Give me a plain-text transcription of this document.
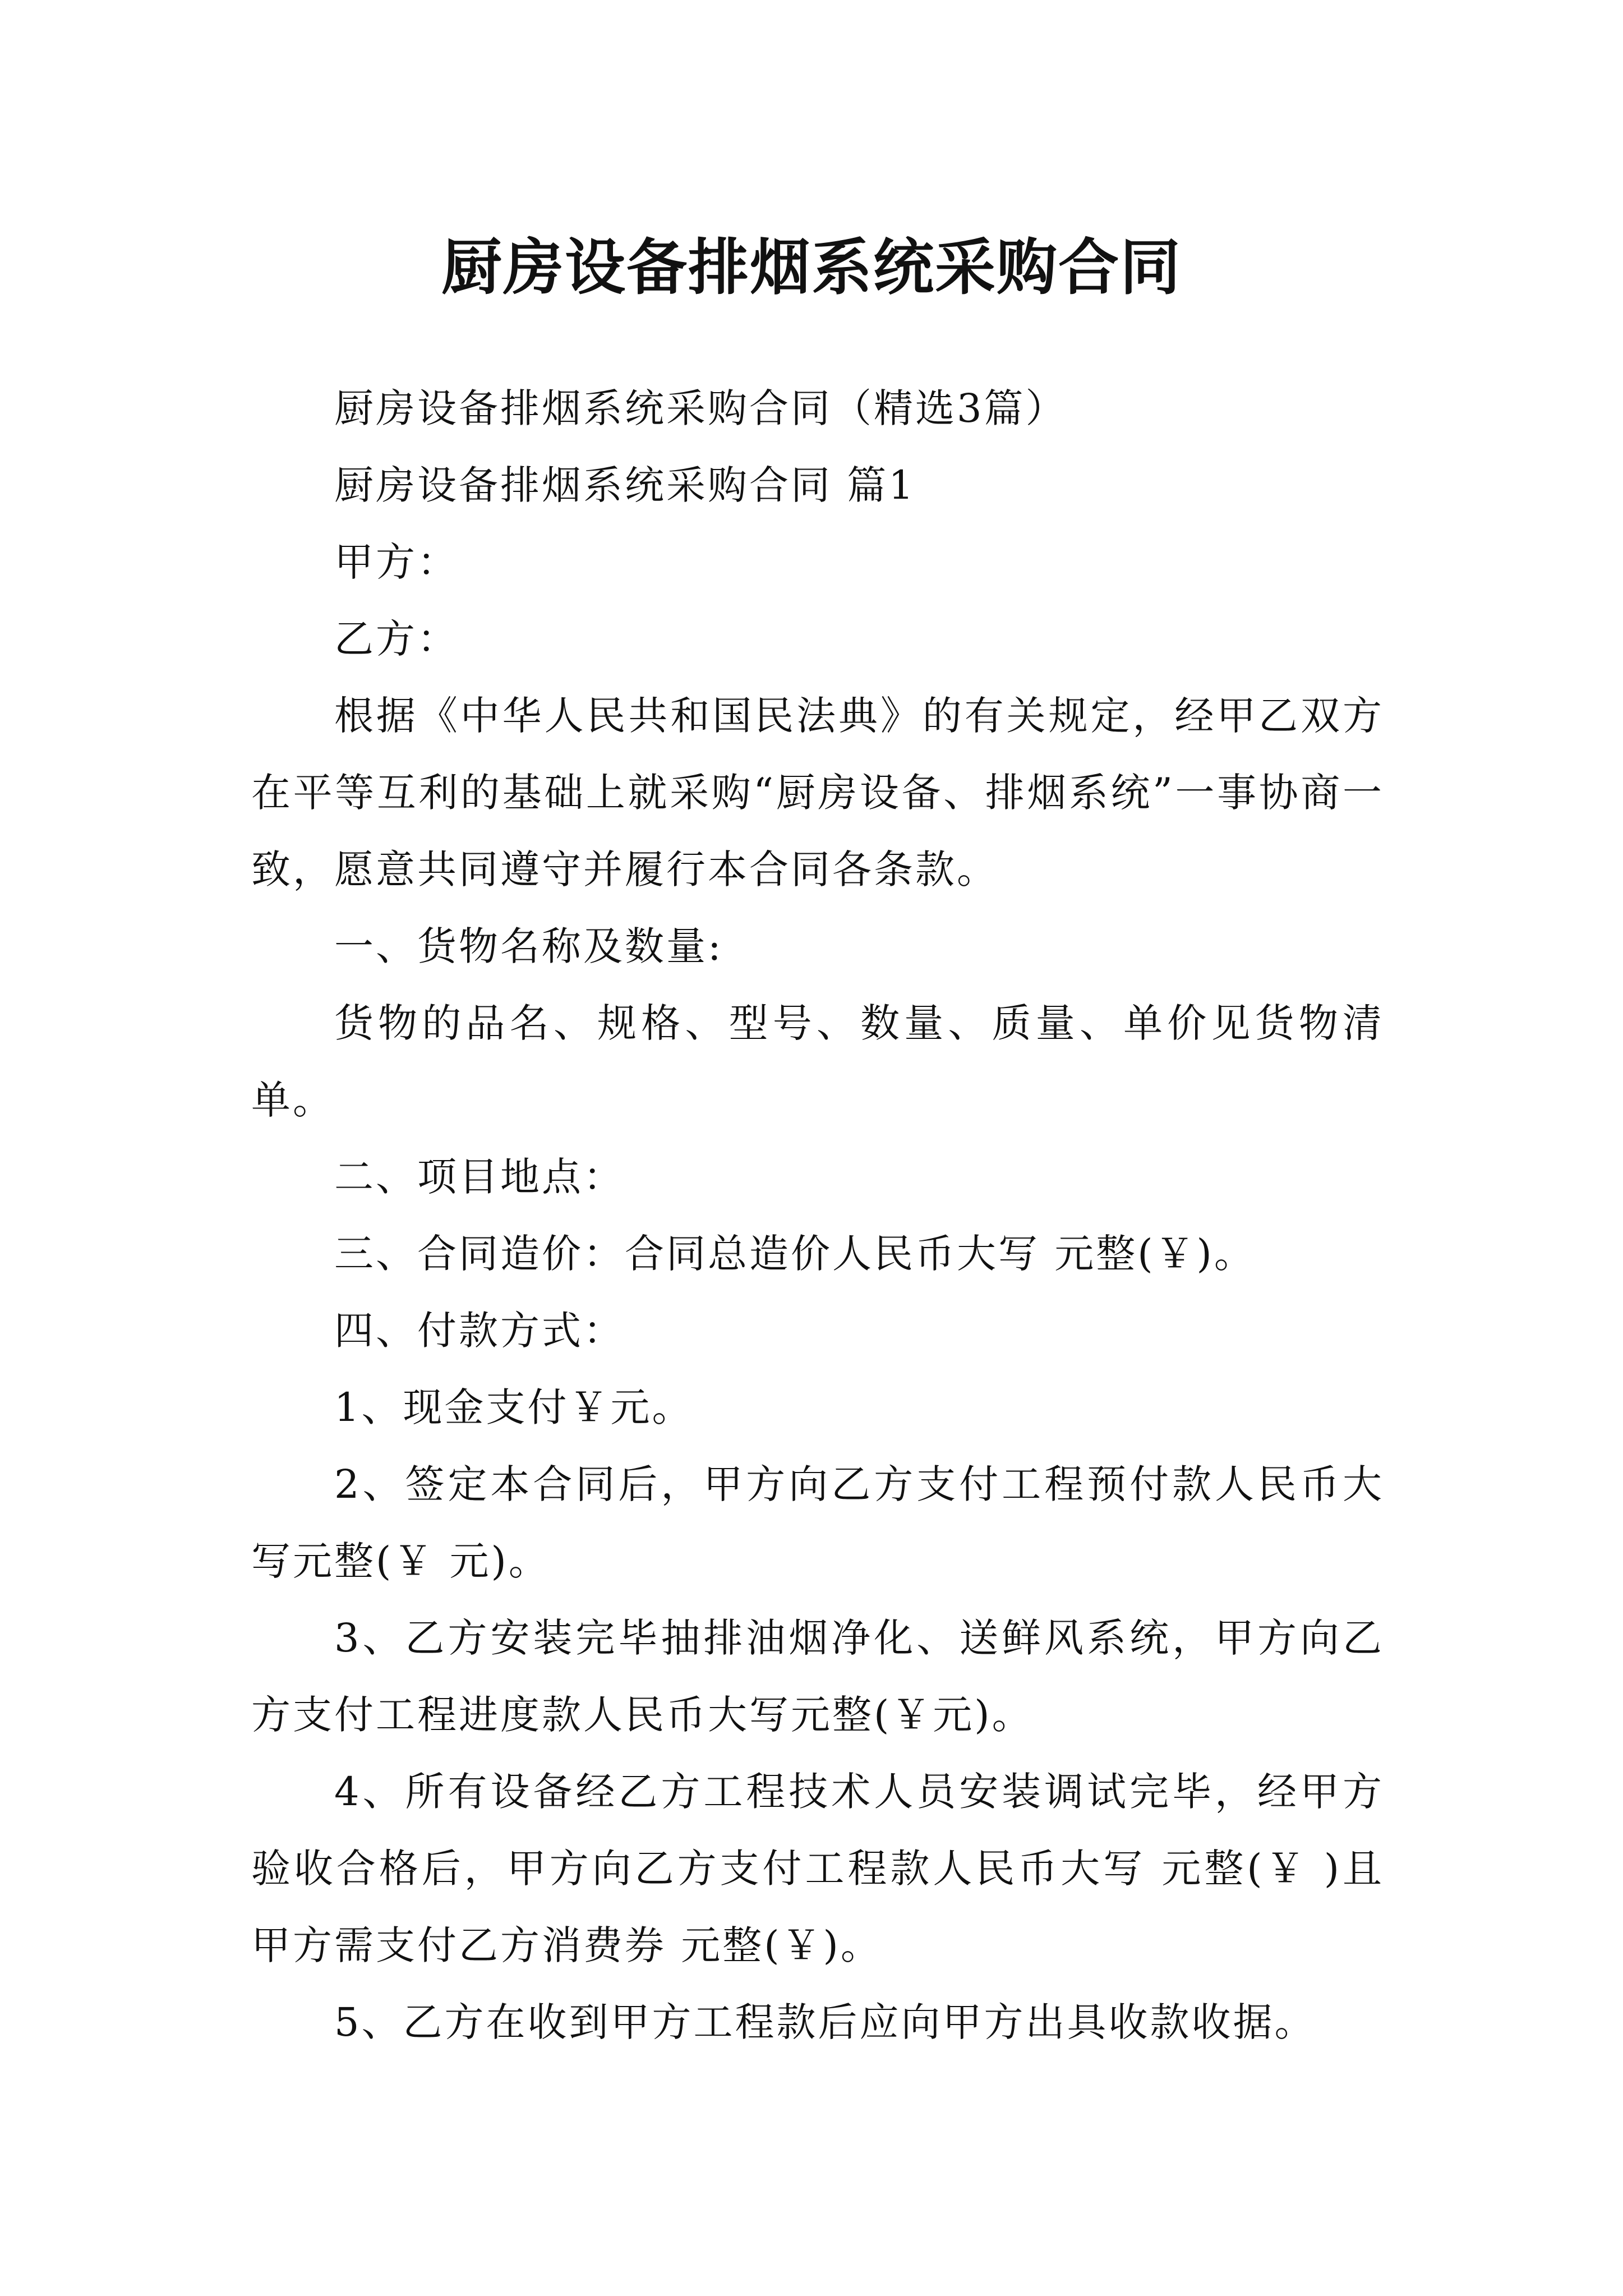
厨房设备排烟系统采购合同

厨房设备排烟系统采购合同（精选3篇）

厨房设备排烟系统采购合同 篇1

甲方：

乙方：

根据《中华人民共和国民法典》的有关规定，经甲乙双方在平等互利的基础上就采购“厨房设备、排烟系统”一事协商一致，愿意共同遵守并履行本合同各条款。

一、货物名称及数量:

货物的品名、规格、型号、数量、质量、单价见货物清单。

二、项目地点：

三、合同造价：合同总造价人民币大写 元整(￥)。

四、付款方式：

1、现金支付￥元。

2、签定本合同后，甲方向乙方支付工程预付款人民币大写元整(￥ 元)。

3、乙方安装完毕抽排油烟净化、送鲜风系统，甲方向乙方支付工程进度款人民币大写元整(￥元)。

4、所有设备经乙方工程技术人员安装调试完毕，经甲方验收合格后，甲方向乙方支付工程款人民币大写 元整(￥ )且甲方需支付乙方消费券 元整(￥)。

5、乙方在收到甲方工程款后应向甲方出具收款收据。
